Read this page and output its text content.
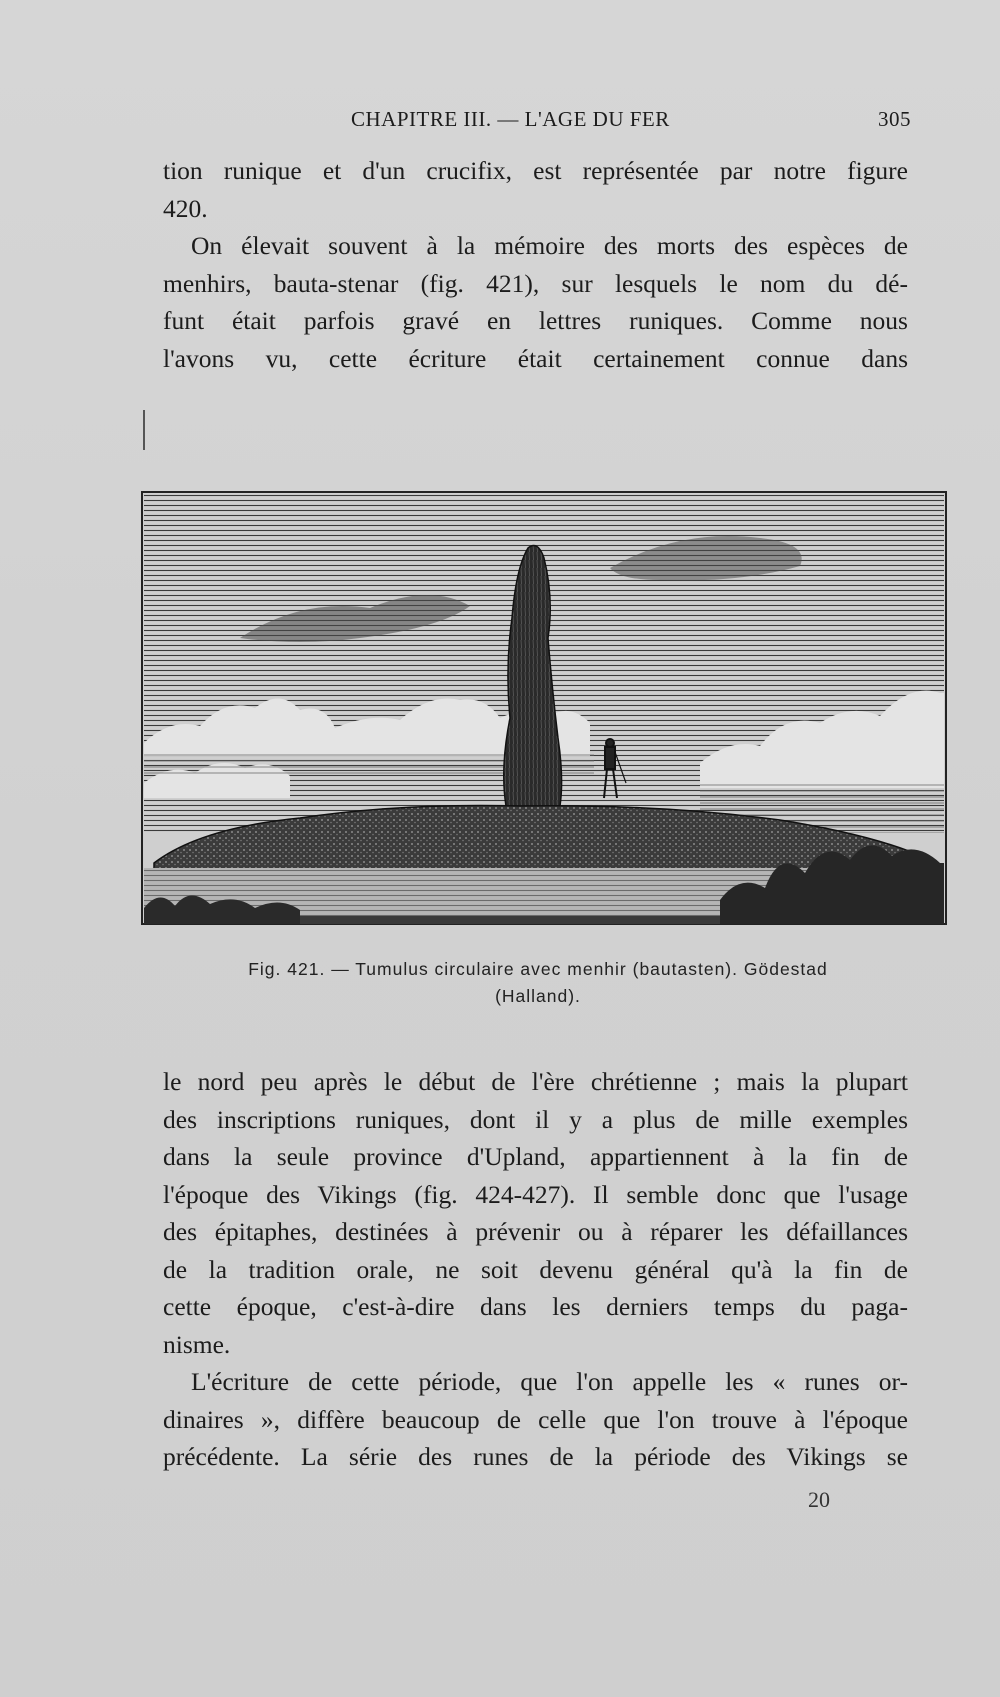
CHAPITRE III. — L'AGE DU FER	305
tion runique et d'un crucifix, est représentée par notre figure
420.
On élevait souvent à la mémoire des morts des espèces de
menhirs, bauta-stenar (fig. 421), sur lesquels le nom du dé-
funt était parfois gravé en lettres runiques. Comme nous
l'avons vu, cette écriture était certainement connue dans
Fig. 421. — Tumulus circulaire avec menhir (bautasten). Gödestad
(Halland).
le nord peu après le début de l'ère chrétienne ; mais la plupart
des inscriptions runiques, dont il y a plus de mille exemples
dans la seule province d'Upland, appartiennent à la fin de
l'époque des Vikings (fig. 424-427). Il semble donc que l'usage
des épitaphes, destinées à prévenir ou à réparer les défaillances
de la tradition orale, ne soit devenu général qu'à la fin de
cette époque, c'est-à-dire dans les derniers temps du paga-
nisme.
L'écriture de cette période, que l'on appelle les « runes or-
dinaires », diffère beaucoup de celle que l'on trouve à l'époque
précédente. La série des runes de la période des Vikings se
20
